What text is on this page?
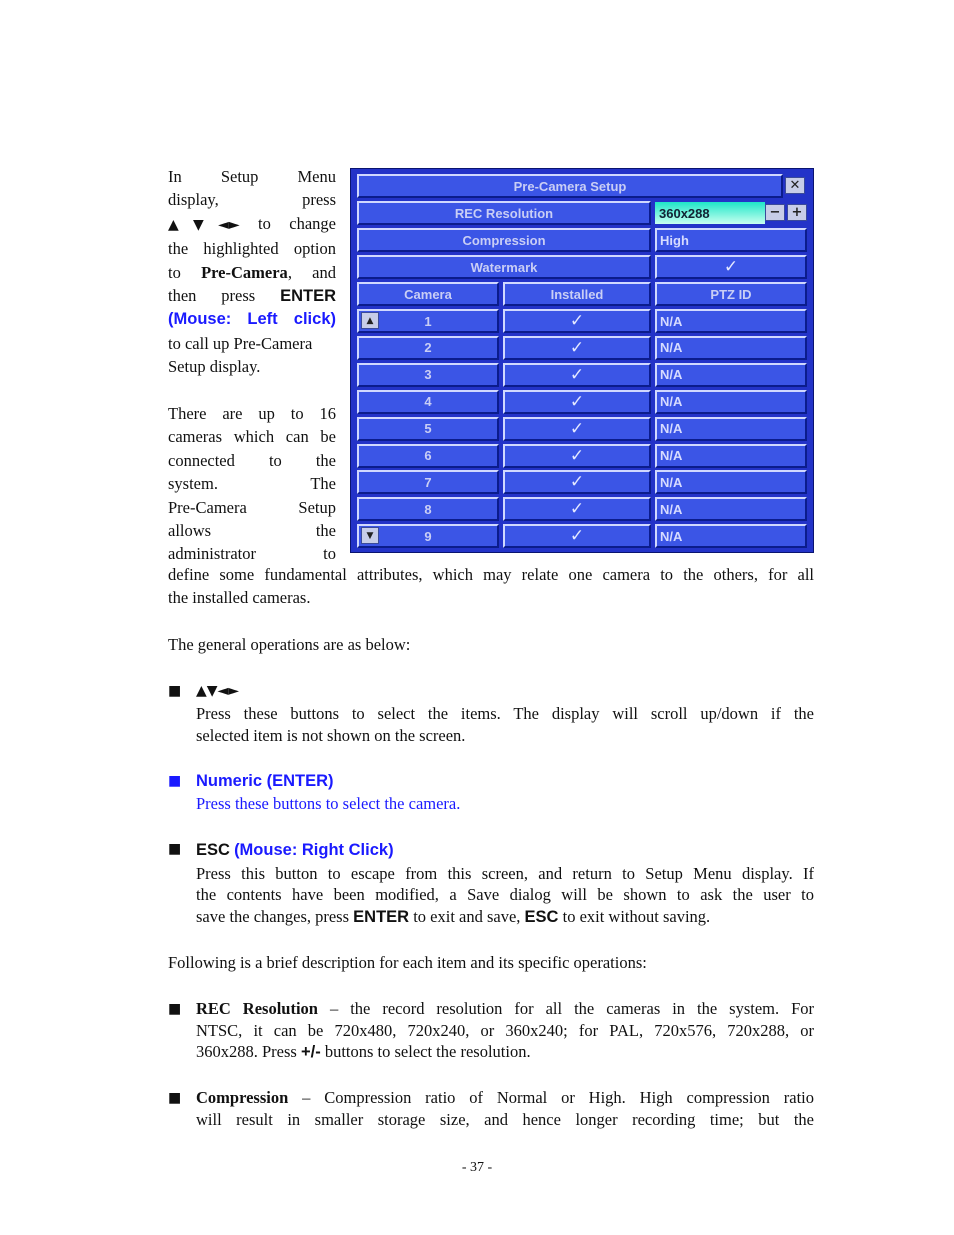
In Setup Menu

display, press

▲▼◄► to change

the highlighted option

to Pre-Camera, and

then press ENTER

(Mouse: Left click)

to call up Pre-Camera

Setup display.

There are up to 16

cameras which can be

connected to the

system. The

Pre-Camera Setup

allows the

administrator to

Pre-Camera Setup	✕
REC Resolution	360x288	− +
Compression	High
Watermark	✓
Camera	Installed	PTZ ID
1	✓	N/A
▲
2	✓	N/A
3	✓	N/A
4	✓	N/A
5	✓	N/A
6	✓	N/A
7	✓	N/A
8	✓	N/A
9	✓	N/A
▼

define some fundamental attributes, which may relate one camera to the others, for all

the installed cameras.

The general operations are as below:

■ ▲▼◄►

Press these buttons to select the items. The display will scroll up/down if the

selected item is not shown on the screen.

■ Numeric (ENTER)

Press these buttons to select the camera.

■ ESC (Mouse: Right Click)

Press this button to escape from this screen, and return to Setup Menu display. If

the contents have been modified, a Save dialog will be shown to ask the user to

save the changes, press ENTER to exit and save, ESC to exit without saving.

Following is a brief description for each item and its specific operations:

■ REC Resolution – the record resolution for all the cameras in the system. For

NTSC, it can be 720x480, 720x240, or 360x240; for PAL, 720x576, 720x288, or

360x288. Press +/- buttons to select the resolution.

■ Compression – Compression ratio of Normal or High. High compression ratio

will result in smaller storage size, and hence longer recording time; but the

- 37 -
